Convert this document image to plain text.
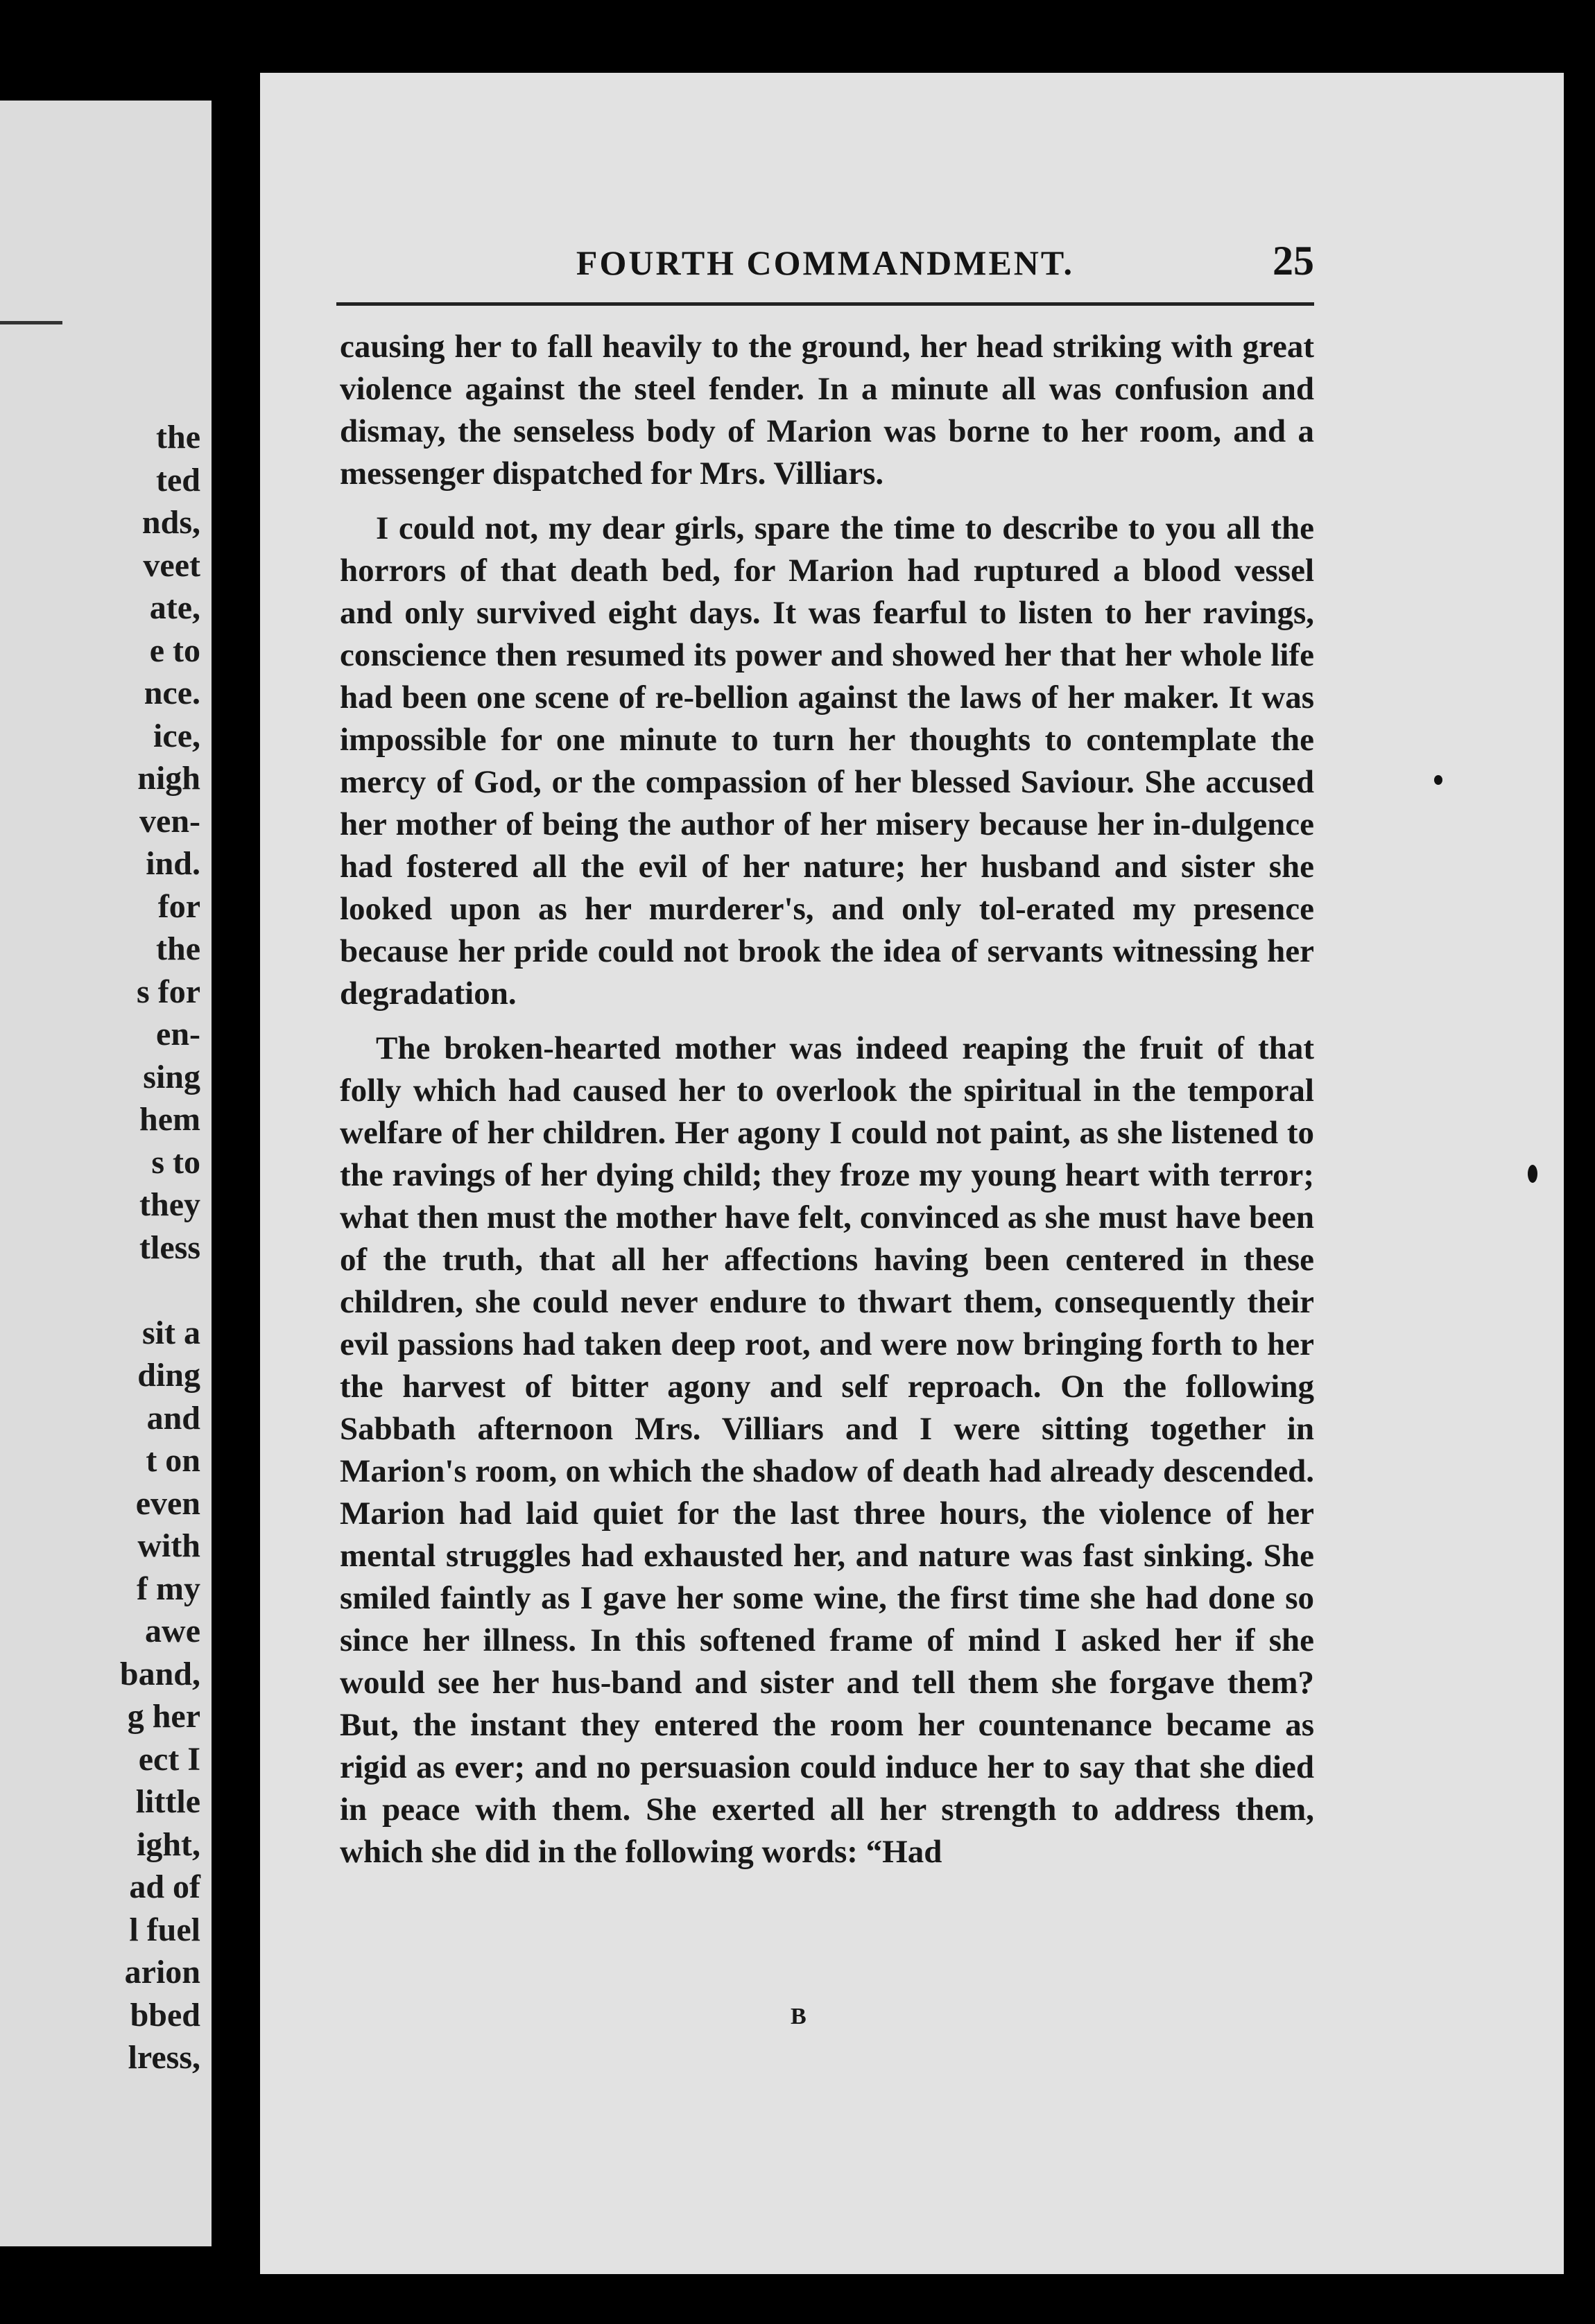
the
ted
nds,
veet
ate,
e to
nce.
ice,
nigh
ven-
ind.
for
the
s for
en-
sing
hem
s to
they
tless

sit a
ding
and
t on
even
with
f my
awe
band,
g her
ect I
little
ight,
ad of
l fuel
arion
bbed
lress,
FOURTH COMMANDMENT.	25

causing her to fall heavily to the ground, her head striking with great violence against the steel fender. In a minute all was confusion and dismay, the senseless body of Marion was borne to her room, and a messenger dispatched for Mrs. Villiars.

I could not, my dear girls, spare the time to describe to you all the horrors of that death bed, for Marion had ruptured a blood vessel and only survived eight days. It was fearful to listen to her ravings, conscience then resumed its power and showed her that her whole life had been one scene of re-bellion against the laws of her maker. It was impossible for one minute to turn her thoughts to contemplate the mercy of God, or the compassion of her blessed Saviour. She accused her mother of being the author of her misery because her in-dulgence had fostered all the evil of her nature; her husband and sister she looked upon as her murderer's, and only tol-erated my presence because her pride could not brook the idea of servants witnessing her degradation.

The broken-hearted mother was indeed reaping the fruit of that folly which had caused her to overlook the spiritual in the temporal welfare of her children. Her agony I could not paint, as she listened to the ravings of her dying child; they froze my young heart with terror; what then must the mother have felt, convinced as she must have been of the truth, that all her affections having been centered in these children, she could never endure to thwart them, consequently their evil passions had taken deep root, and were now bringing forth to her the harvest of bitter agony and self reproach. On the following Sabbath afternoon Mrs. Villiars and I were sitting together in Marion's room, on which the shadow of death had already descended. Marion had laid quiet for the last three hours, the violence of her mental struggles had exhausted her, and nature was fast sinking. She smiled faintly as I gave her some wine, the first time she had done so since her illness. In this softened frame of mind I asked her if she would see her hus-band and sister and tell them she forgave them? But, the instant they entered the room her countenance became as rigid as ever; and no persuasion could induce her to say that she died in peace with them. She exerted all her strength to address them, which she did in the following words: “Had

B
